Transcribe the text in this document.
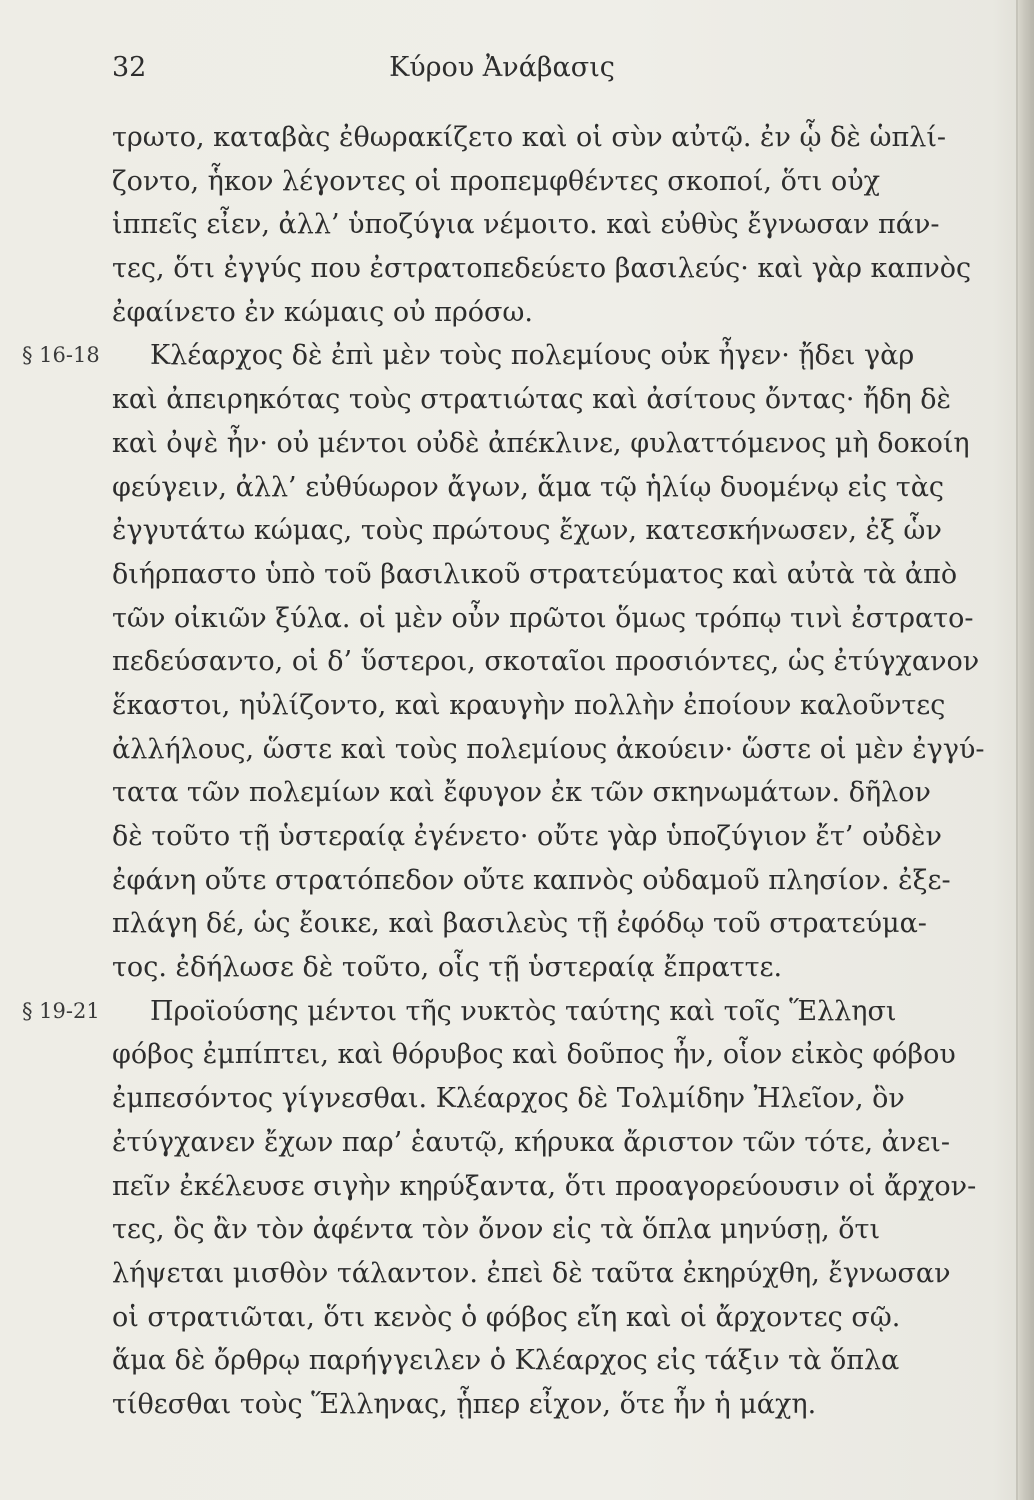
32	Κύρου Ἀνάβασις
τρωτο, καταβὰς ἐθωρακίζετο καὶ οἱ σὺν αὐτῷ. ἐν ᾧ δὲ ὡπλί-
ζοντο, ἧκον λέγοντες οἱ προπεμφθέντες σκοποί, ὅτι οὐχ
ἱππεῖς εἶεν, ἀλλ’ ὑποζύγια νέμοιτο. καὶ εὐθὺς ἔγνωσαν πάν-
τες, ὅτι ἐγγύς που ἐστρατοπεδεύετο βασιλεύς· καὶ γὰρ καπνὸς
ἐφαίνετο ἐν κώμαις οὐ πρόσω.
§ 16-18 Κλέαρχος δὲ ἐπὶ μὲν τοὺς πολεμίους οὐκ ἦγεν· ᾔδει γὰρ
καὶ ἀπειρηκότας τοὺς στρατιώτας καὶ ἀσίτους ὄντας· ἤδη δὲ
καὶ ὀψὲ ἦν· οὐ μέντοι οὐδὲ ἀπέκλινε, φυλαττόμενος μὴ δοκοίη
φεύγειν, ἀλλ’ εὐθύωρον ἄγων, ἅμα τῷ ἡλίῳ δυομένῳ εἰς τὰς
ἐγγυτάτω κώμας, τοὺς πρώτους ἔχων, κατεσκήνωσεν, ἐξ ὧν
διήρπαστο ὑπὸ τοῦ βασιλικοῦ στρατεύματος καὶ αὐτὰ τὰ ἀπὸ
τῶν οἰκιῶν ξύλα. οἱ μὲν οὖν πρῶτοι ὅμως τρόπῳ τινὶ ἐστρατο-
πεδεύσαντο, οἱ δ’ ὕστεροι, σκοταῖοι προσιόντες, ὡς ἐτύγχανον
ἕκαστοι, ηὐλίζοντο, καὶ κραυγὴν πολλὴν ἐποίουν καλοῦντες
ἀλλήλους, ὥστε καὶ τοὺς πολεμίους ἀκούειν· ὥστε οἱ μὲν ἐγγύ-
τατα τῶν πολεμίων καὶ ἔφυγον ἐκ τῶν σκηνωμάτων. δῆλον
δὲ τοῦτο τῇ ὑστεραίᾳ ἐγένετο· οὔτε γὰρ ὑποζύγιον ἔτ’ οὐδὲν
ἐφάνη οὔτε στρατόπεδον οὔτε καπνὸς οὐδαμοῦ πλησίον. ἐξε-
πλάγη δέ, ὡς ἔοικε, καὶ βασιλεὺς τῇ ἐφόδῳ τοῦ στρατεύμα-
τος. ἐδήλωσε δὲ τοῦτο, οἷς τῇ ὑστεραίᾳ ἔπραττε.
§ 19-21 Προϊούσης μέντοι τῆς νυκτὸς ταύτης καὶ τοῖς Ἕλλησι
φόβος ἐμπίπτει, καὶ θόρυβος καὶ δοῦπος ἦν, οἷον εἰκὸς φόβου
ἐμπεσόντος γίγνεσθαι. Κλέαρχος δὲ Τολμίδην Ἠλεῖον, ὃν
ἐτύγχανεν ἔχων παρ’ ἑαυτῷ, κήρυκα ἄριστον τῶν τότε, ἀνει-
πεῖν ἐκέλευσε σιγὴν κηρύξαντα, ὅτι προαγορεύουσιν οἱ ἄρχον-
τες, ὃς ἂν τὸν ἀφέντα τὸν ὄνον εἰς τὰ ὅπλα μηνύσῃ, ὅτι
λήψεται μισθὸν τάλαντον. ἐπεὶ δὲ ταῦτα ἐκηρύχθη, ἔγνωσαν
οἱ στρατιῶται, ὅτι κενὸς ὁ φόβος εἴη καὶ οἱ ἄρχοντες σῷ.
ἅμα δὲ ὄρθρῳ παρήγγειλεν ὁ Κλέαρχος εἰς τάξιν τὰ ὅπλα
τίθεσθαι τοὺς Ἕλληνας, ᾗπερ εἶχον, ὅτε ἦν ἡ μάχη.
